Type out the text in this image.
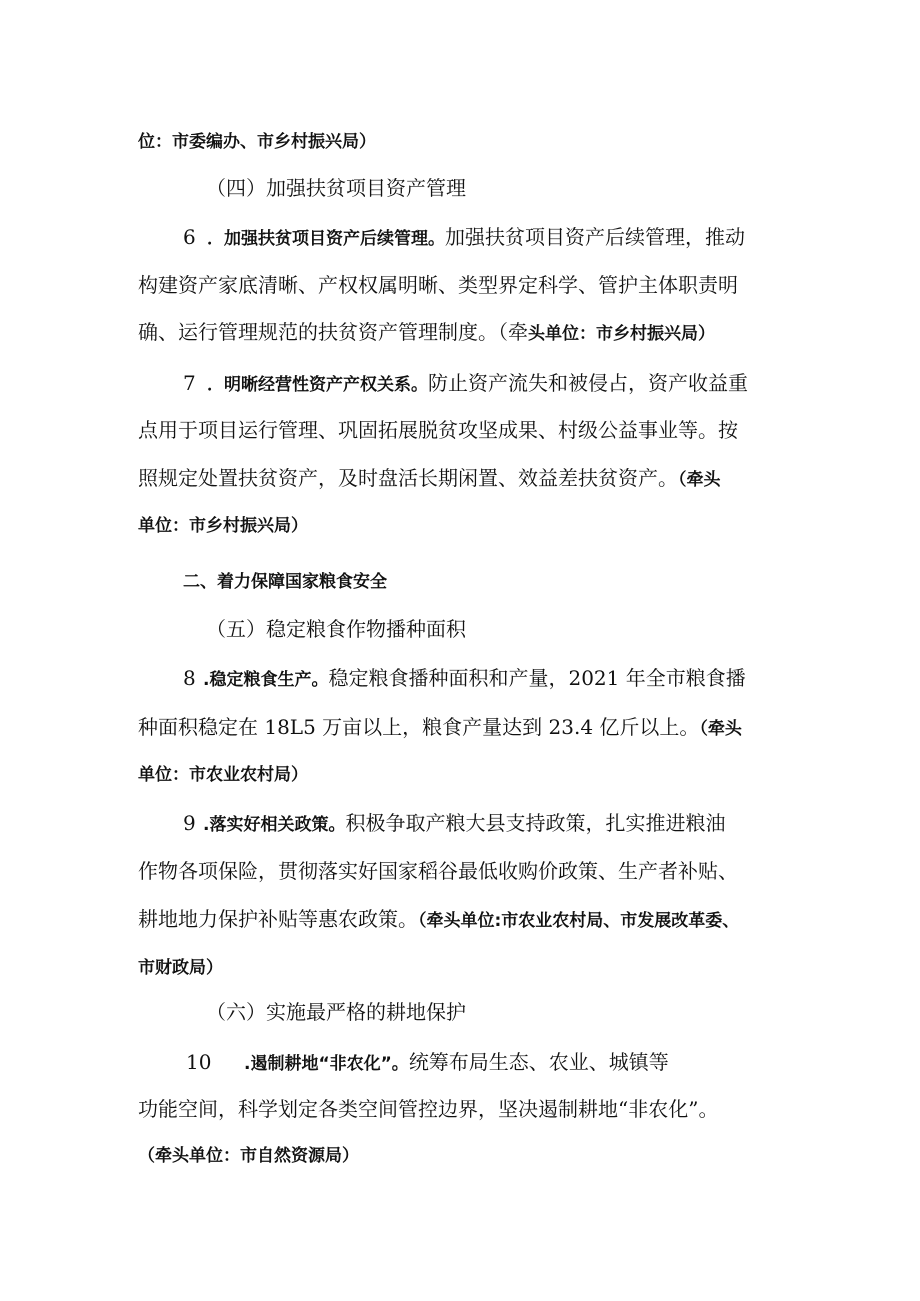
位：市委编办、市乡村振兴局）
（四）加强扶贫项目资产管理
6 ．加强扶贫项目资产后续管理。加强扶贫项目资产后续管理，推动
构建资产家底清晰、产权权属明晰、类型界定科学、管护主体职责明
确、运行管理规范的扶贫资产管理制度。（牵头单位：市乡村振兴局）
7 ．明晰经营性资产产权关系。防止资产流失和被侵占，资产收益重
点用于项目运行管理、巩固拓展脱贫攻坚成果、村级公益事业等。按
照规定处置扶贫资产，及时盘活长期闲置、效益差扶贫资产。（牵头
单位：市乡村振兴局）
二、着力保障国家粮食安全
（五）稳定粮食作物播种面积
8 .稳定粮食生产。稳定粮食播种面积和产量，2021 年全市粮食播
种面积稳定在 18L5 万亩以上，粮食产量达到 23.4 亿斤以上。（牵头
单位：市农业农村局）
9 .落实好相关政策。积极争取产粮大县支持政策，扎实推进粮油
作物各项保险，贯彻落实好国家稻谷最低收购价政策、生产者补贴、
耕地地力保护补贴等惠农政策。（牵头单位:市农业农村局、市发展改革委、
市财政局）
（六）实施最严格的耕地保护
10 .遏制耕地“非农化”。统筹布局生态、农业、城镇等
功能空间，科学划定各类空间管控边界，坚决遏制耕地“非农化”。
（牵头单位：市自然资源局）
